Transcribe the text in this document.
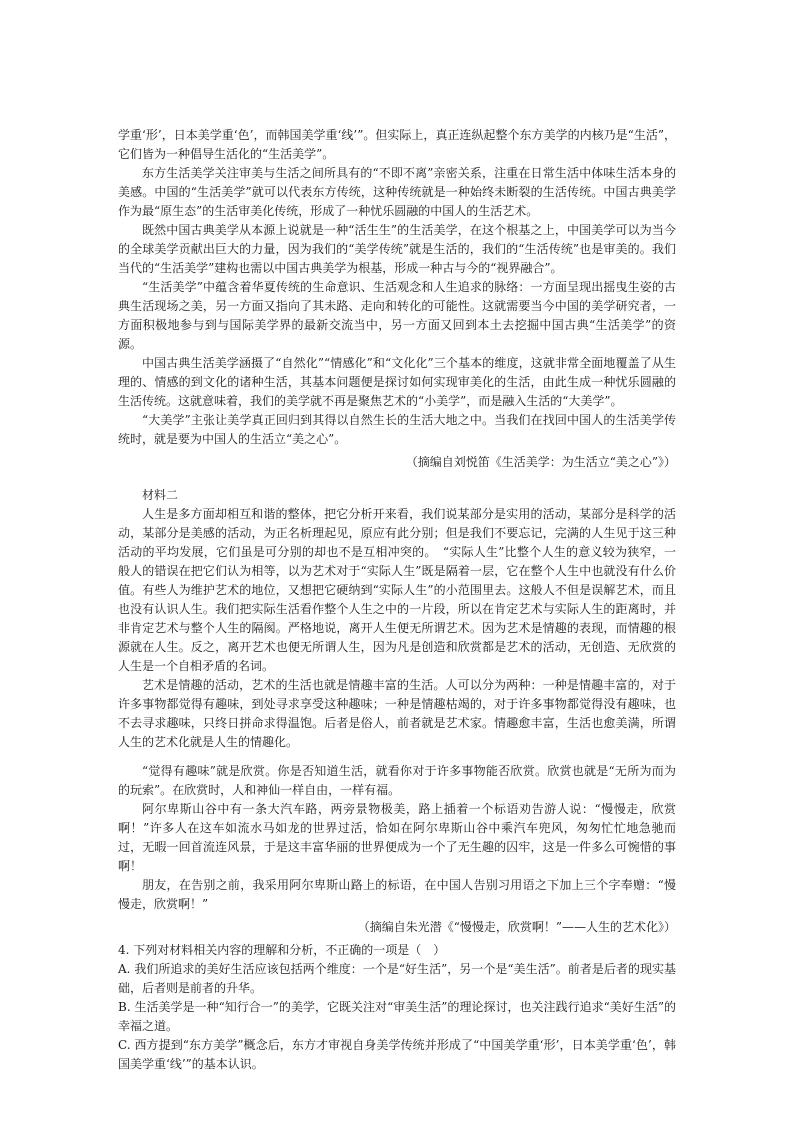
学重‘形’，日本美学重‘色’，而韩国美学重‘线’”。但实际上，真正连纵起整个东方美学的内核乃是“生活”，它们皆为一种倡导生活化的“生活美学”。

东方生活美学关注审美与生活之间所具有的“不即不离”亲密关系，注重在日常生活中体味生活本身的美感。中国的“生活美学”就可以代表东方传统，这种传统就是一种始终未断裂的生活传统。中国古典美学作为最“原生态”的生活审美化传统，形成了一种忧乐圆融的中国人的生活艺术。

既然中国古典美学从本源上说就是一种“活生生”的生活美学，在这个根基之上，中国美学可以为当今的全球美学贡献出巨大的力量，因为我们的“美学传统”就是生活的，我们的“生活传统”也是审美的。我们当代的“生活美学”建构也需以中国古典美学为根基，形成一种古与今的“视界融合”。

“生活美学”中蕴含着华夏传统的生命意识、生活观念和人生追求的脉络：一方面呈现出摇曳生姿的古典生活现场之美，另一方面又指向了其未路、走向和转化的可能性。这就需要当今中国的美学研究者，一方面积极地参与到与国际美学界的最新交流当中，另一方面又回到本土去挖掘中国古典“生活美学”的资源。

中国古典生活美学涵摄了“自然化”“情感化”和“文化化”三个基本的维度，这就非常全面地覆盖了从生理的、情感的到文化的诸种生活，其基本问题便是探讨如何实现审美化的生活，由此生成一种忧乐圆融的生活传统。这就意味着，我们的美学就不再是聚焦艺术的“小美学”，而是融入生活的“大美学”。

“大美学”主张让美学真正回归到其得以自然生长的生活大地之中。当我们在找回中国人的生活美学传统时，就是要为中国人的生活立“美之心”。

（摘编自刘悦笛《生活美学：为生活立“美之心”》）

材料二

人生是多方面却相互和谐的整体，把它分析开来看，我们说某部分是实用的活动，某部分是科学的活动，某部分是美感的活动，为正名析理起见，原应有此分别；但是我们不要忘记，完满的人生见于这三种活动的平均发展，它们虽是可分别的却也不是互相冲突的。　“实际人生”比整个人生的意义较为狭窄，一般人的错误在把它们认为相等，以为艺术对于“实际人生”既是隔着一层，它在整个人生中也就没有什么价值。有些人为维护艺术的地位，又想把它硬纳到“实际人生”的小范围里去。这般人不但是误解艺术，而且也没有认识人生。我们把实际生活看作整个人生之中的一片段，所以在肯定艺术与实际人生的距离时，并非肯定艺术与整个人生的隔阂。严格地说，离开人生便无所谓艺术。因为艺术是情趣的表现，而情趣的根源就在人生。反之，离开艺术也便无所谓人生，因为凡是创造和欣赏都是艺术的活动，无创造、无欣赏的人生是一个自相矛盾的名词。

艺术是情趣的活动，艺术的生活也就是情趣丰富的生活。人可以分为两种：一种是情趣丰富的，对于许多事物都觉得有趣味，到处寻求享受这种趣味；一种是情趣枯竭的，对于许多事物都觉得没有趣味，也不去寻求趣味，只终日拼命求得温饱。后者是俗人，前者就是艺术家。情趣愈丰富，生活也愈美满，所谓人生的艺术化就是人生的情趣化。

“觉得有趣味”就是欣赏。你是否知道生活，就看你对于许多事物能否欣赏。欣赏也就是“无所为而为的玩索”。在欣赏时，人和神仙一样自由，一样有福。

阿尔卑斯山谷中有一条大汽车路，两旁景物极美，路上插着一个标语劝告游人说：“慢慢走，欣赏啊！”许多人在这车如流水马如龙的世界过活，恰如在阿尔卑斯山谷中乘汽车兜风，匆匆忙忙地急驰而过，无暇一回首流连风景，于是这丰富华丽的世界便成为一个了无生趣的囚牢，这是一件多么可惋惜的事啊！

朋友，在告别之前，我采用阿尔卑斯山路上的标语，在中国人告别习用语之下加上三个字奉赠：“慢慢走，欣赏啊！”

（摘编自朱光潜《“慢慢走，欣赏啊！”——人生的艺术化》）

4. 下列对材料相关内容的理解和分析，不正确的一项是（　）

A. 我们所追求的美好生活应该包括两个维度：一个是“好生活”，另一个是“美生活”。前者是后者的现实基础，后者则是前者的升华。

B. 生活美学是一种“知行合一”的美学，它既关注对“审美生活”的理论探讨，也关注践行追求“美好生活”的幸福之道。

C. 西方提到“东方美学”概念后，东方才审视自身美学传统并形成了“中国美学重‘形’，日本美学重‘色’，韩国美学重‘线’”的基本认识。
